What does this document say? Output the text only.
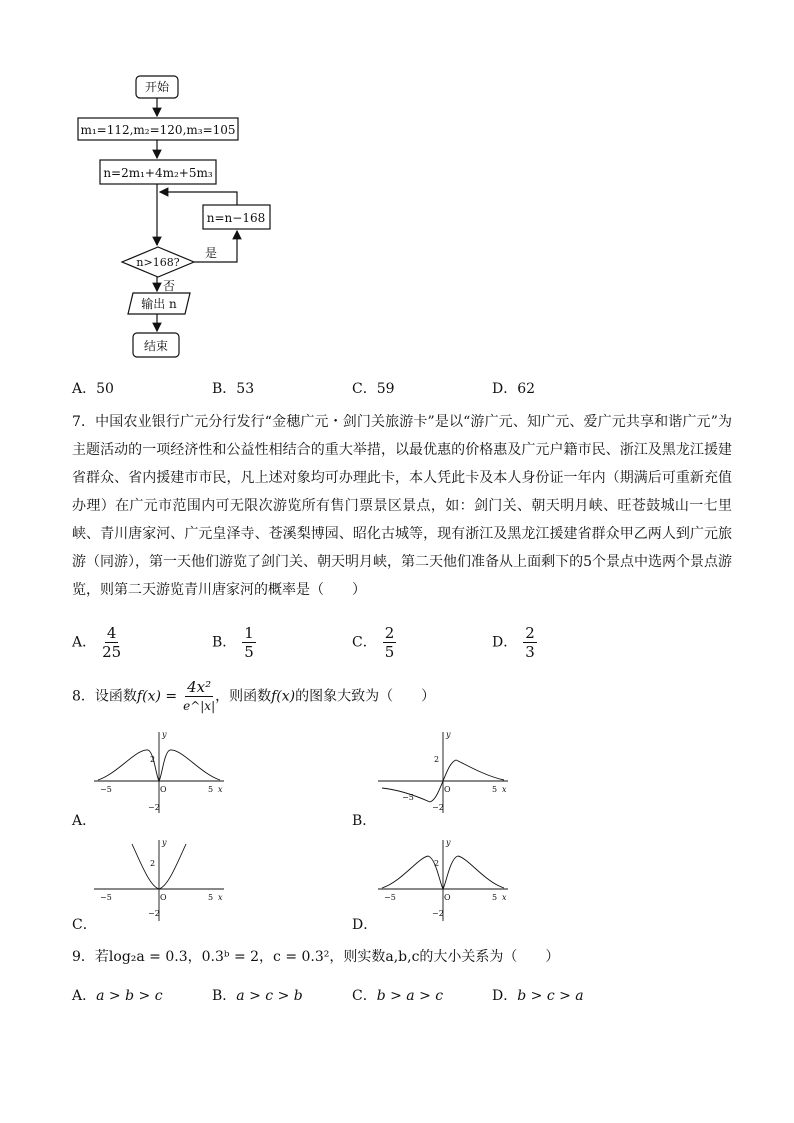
开始
m₁=112,m₂=120,m₃=105
n=2m₁+4m₂+5m₃
n=n−168
n>168?
是
否
输出 n
结束
A．50	B．53	C．59	D．62
7．中国农业银行广元分行发行“金穗广元・剑门关旅游卡”是以“游广元、知广元、爱广元共享和谐广元”为主题活动的一项经济性和公益性相结合的重大举措，以最优惠的价格惠及广元户籍市民、浙江及黑龙江援建省群众、省内援建市市民，凡上述对象均可办理此卡，本人凭此卡及本人身份证一年内（期满后可重新充值办理）在广元市范围内可无限次游览所有售门票景区景点，如：剑门关、朝天明月峡、旺苍鼓城山一七里峡、青川唐家河、广元皇泽寺、苍溪梨博园、昭化古城等，现有浙江及黑龙江援建省群众甲乙两人到广元旅游（同游），第一天他们游览了剑门关、朝天明月峡，第二天他们准备从上面剩下的5个景点中选两个景点游览，则第二天游览青川唐家河的概率是（　　）
A． $\frac{4}{25}$	B． $\frac{1}{5}$	C． $\frac{2}{5}$	D． $\frac{2}{3}$
8．设函数$f(x) = \frac{\text{4x²}}{e\^{}|x|}$ ，则函数f(x)的图象大致为（　　）
y
x
2
−2
O
−5	5
A．
y
x
2
−2
O
−5
5
B．
y
x
2
−2
O
−5	5
C．
y
x
2
−2
O
−5	5
D．
9．若log₂a = 0.3，0.3ᵇ = 2，c = 0.3²，则实数a,b,c的大小关系为（　　）
A．a > b > c	B．a > c > b	C．b > a > c	D．b > c > a
